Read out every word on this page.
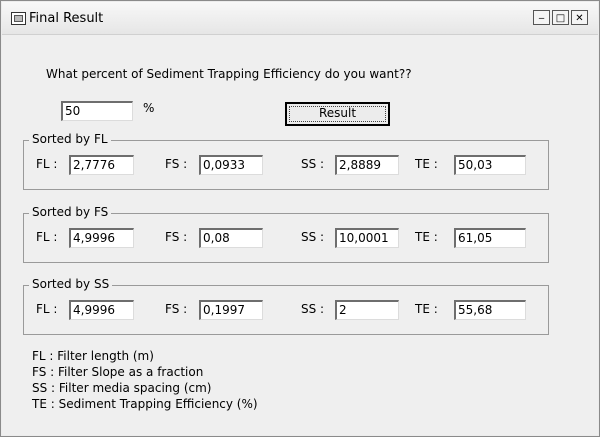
Final Result	‒	□	✕
What percent of Sediment Trapping Efficiency do you want??
50	%	Result
Sorted by FL
FL :	2,7776	FS :	0,0933	SS :	2,8889	TE :	50,03
Sorted by FS
FL :	4,9996	FS :	0,08	SS :	10,0001	TE :	61,05
Sorted by SS
FL :	4,9996	FS :	0,1997	SS :	2	TE :	55,68
FL : Filter length (m)
FS : Filter Slope as a fraction
SS : Filter media spacing (cm)
TE : Sediment Trapping Efficiency (%)
